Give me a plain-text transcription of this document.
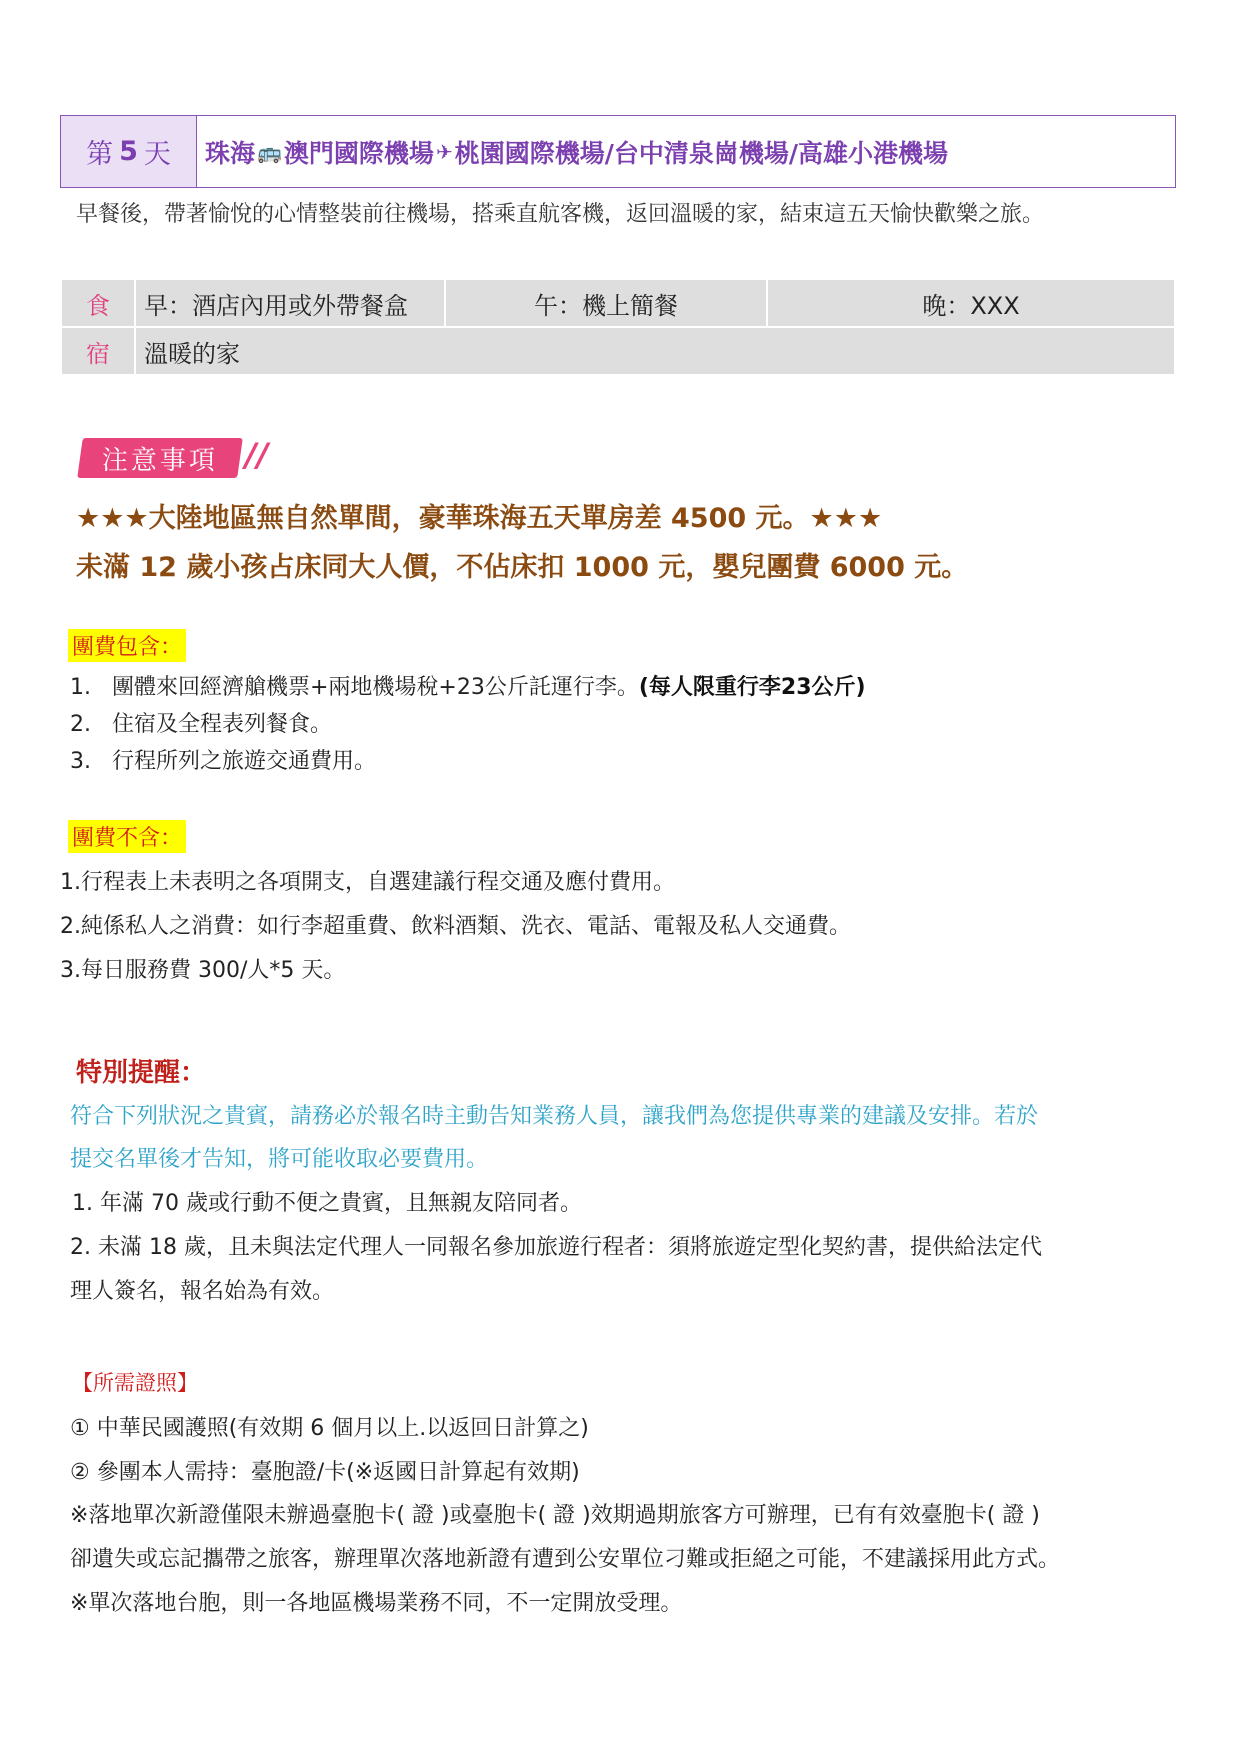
第 5 天 珠海 🚌 澳門國際機場 ✈ 桃園國際機場/台中清泉崗機場/高雄小港機場
早餐後，帶著愉悅的心情整裝前往機場，搭乘直航客機，返回溫暖的家，結束這五天愉快歡樂之旅。
食	早：酒店內用或外帶餐盒	午：機上簡餐	晚：XXX
宿	溫暖的家		
注意事項 //
★★★大陸地區無自然單間，豪華珠海五天單房差 4500 元。★★★
未滿 12 歲小孩占床同大人價，不佔床扣 1000 元，嬰兒團費 6000 元。
團費包含：
1. 團體來回經濟艙機票+兩地機場稅+23公斤託運行李。(每人限重行李23公斤)
2. 住宿及全程表列餐食。
3. 行程所列之旅遊交通費用。
團費不含：
1.行程表上未表明之各項開支，自選建議行程交通及應付費用。
2.純係私人之消費：如行李超重費、飲料酒類、洗衣、電話、電報及私人交通費。
3.每日服務費 300/人*5 天。
特別提醒：
符合下列狀況之貴賓，請務必於報名時主動告知業務人員，讓我們為您提供專業的建議及安排。若於
提交名單後才告知，將可能收取必要費用。
1. 年滿 70 歲或行動不便之貴賓，且無親友陪同者。
2. 未滿 18 歲，且未與法定代理人一同報名參加旅遊行程者：須將旅遊定型化契約書，提供給法定代
理人簽名，報名始為有效。
【所需證照】
① 中華民國護照(有效期 6 個月以上.以返回日計算之)
② 參團本人需持：臺胞證/卡(※返國日計算起有效期)
※落地單次新證僅限未辦過臺胞卡( 證 )或臺胞卡( 證 )效期過期旅客方可辦理，已有有效臺胞卡( 證 )
卻遺失或忘記攜帶之旅客，辦理單次落地新證有遭到公安單位刁難或拒絕之可能，不建議採用此方式。
※單次落地台胞，則一各地區機場業務不同，不一定開放受理。
